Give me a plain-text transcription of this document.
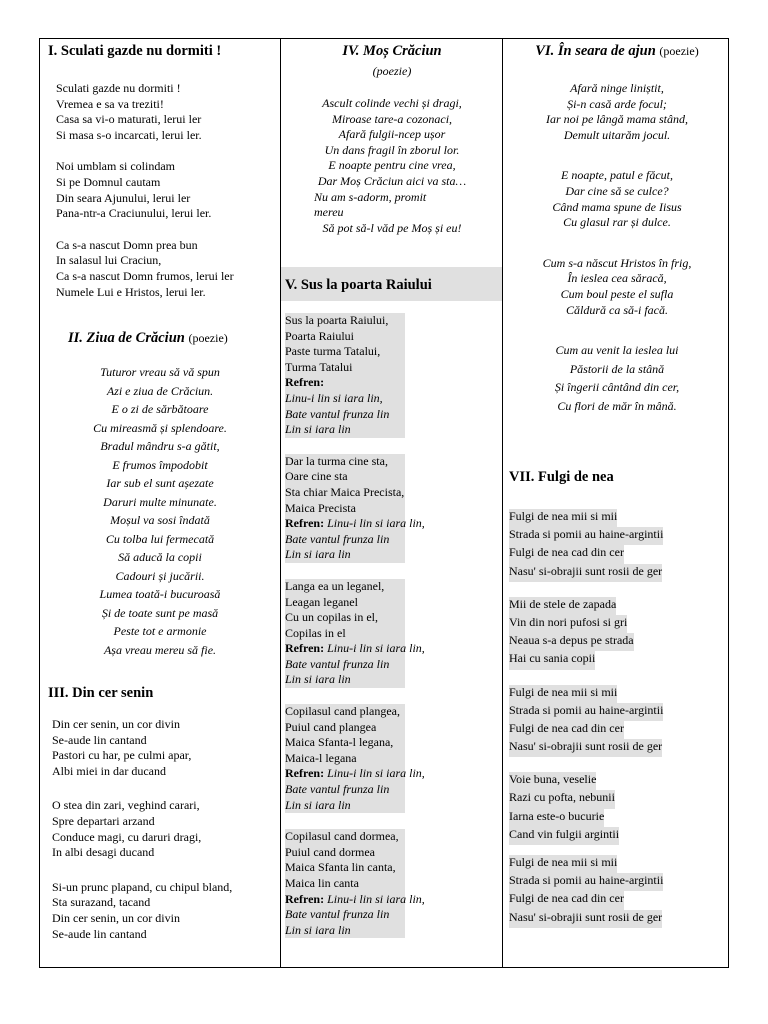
I. Sculati gazde nu dormiti !
Sculati gazde nu dormiti !
Vremea e sa va treziti!
Casa sa vi-o maturati, lerui ler
Si masa s-o incarcati, lerui ler.
Noi umblam si colindam
Si pe Domnul cautam
Din seara Ajunului, lerui ler
Pana-ntr-a Craciunului, lerui ler.
Ca s-a nascut Domn prea bun
In salasul lui Craciun,
Ca s-a nascut Domn frumos, lerui ler
Numele Lui e Hristos, lerui ler.
II. Ziua de Crăciun (poezie)
Tuturor vreau să vă spun
Azi e ziua de Crăciun.
E o zi de sărbătoare
Cu mireasmă și splendoare.
Bradul mândru s-a gătit,
E frumos împodobit
Iar sub el sunt așezate
Daruri multe minunate.
Moșul va sosi îndată
Cu tolba lui fermecată
Să aducă la copii
Cadouri și jucării.
Lumea toată-i bucuroasă
Și de toate sunt pe masă
Peste tot e armonie
Așa vreau mereu să fie.
III. Din cer senin
Din cer senin, un cor divin
Se-aude lin cantand
Pastori cu har, pe culmi apar,
Albi miei in dar ducand
O stea din zari, veghind carari,
Spre departari arzand
Conduce magi, cu daruri dragi,
In albi desagi ducand
Si-un prunc plapand, cu chipul bland,
Sta surazand, tacand
Din cer senin, un cor divin
Se-aude lin cantand
IV. Moș Crăciun
(poezie)
Ascult colinde vechi și dragi,
Miroase tare-a cozonaci,
Afară fulgii-ncep ușor
Un dans fragil în zborul lor.
E noapte pentru cine vrea,
Dar Moș Crăciun aici va sta…
Nu am s-adorm, promit
mereu
Să pot să-l văd pe Moș și eu!
V. Sus la poarta Raiului
Sus la poarta Raiului,
Poarta Raiului
Paste turma Tatalui,
Turma Tatalui
Refren:
Linu-i lin si iara lin,
Bate vantul frunza lin
Lin si iara lin
Dar la turma cine sta,
Oare cine sta
Sta chiar Maica Precista,
Maica Precista
Refren: Linu-i lin si iara lin,
Bate vantul frunza lin
Lin si iara lin
Langa ea un leganel,
Leagan leganel
Cu un copilas in el,
Copilas in el
Refren: Linu-i lin si iara lin,
Bate vantul frunza lin
Lin si iara lin
Copilasul cand plangea,
Puiul cand plangea
Maica Sfanta-l legana,
Maica-l legana
Refren: Linu-i lin si iara lin,
Bate vantul frunza lin
Lin si iara lin
Copilasul cand dormea,
Puiul cand dormea
Maica Sfanta lin canta,
Maica lin canta
Refren: Linu-i lin si iara lin,
Bate vantul frunza lin
Lin si iara lin
VI. În seara de ajun (poezie)
Afară ninge liniștit,
Și-n casă arde focul;
Iar noi pe lângă mama stând,
Demult uitarăm jocul.
E noapte, patul e făcut,
Dar cine să se culce?
Când mama spune de Iisus
Cu glasul rar și dulce.
Cum s-a născut Hristos în frig,
În ieslea cea săracă,
Cum boul peste el sufla
Căldură ca să-i facă.
Cum au venit la ieslea lui
Păstorii de la stână
Și îngerii cântând din cer,
Cu flori de măr în mână.
VII. Fulgi de nea
Fulgi de nea mii si mii
Strada si pomii au haine-argintii
Fulgi de nea cad din cer
Nasu' si-obrajii sunt rosii de ger
Mii de stele de zapada
Vin din nori pufosi si gri
Neaua s-a depus pe strada
Hai cu sania copii
Fulgi de nea mii si mii
Strada si pomii au haine-argintii
Fulgi de nea cad din cer
Nasu' si-obrajii sunt rosii de ger
Voie buna, veselie
Razi cu pofta, nebunii
Iarna este-o bucurie
Cand vin fulgii argintii
Fulgi de nea mii si mii
Strada si pomii au haine-argintii
Fulgi de nea cad din cer
Nasu' si-obrajii sunt rosii de ger
